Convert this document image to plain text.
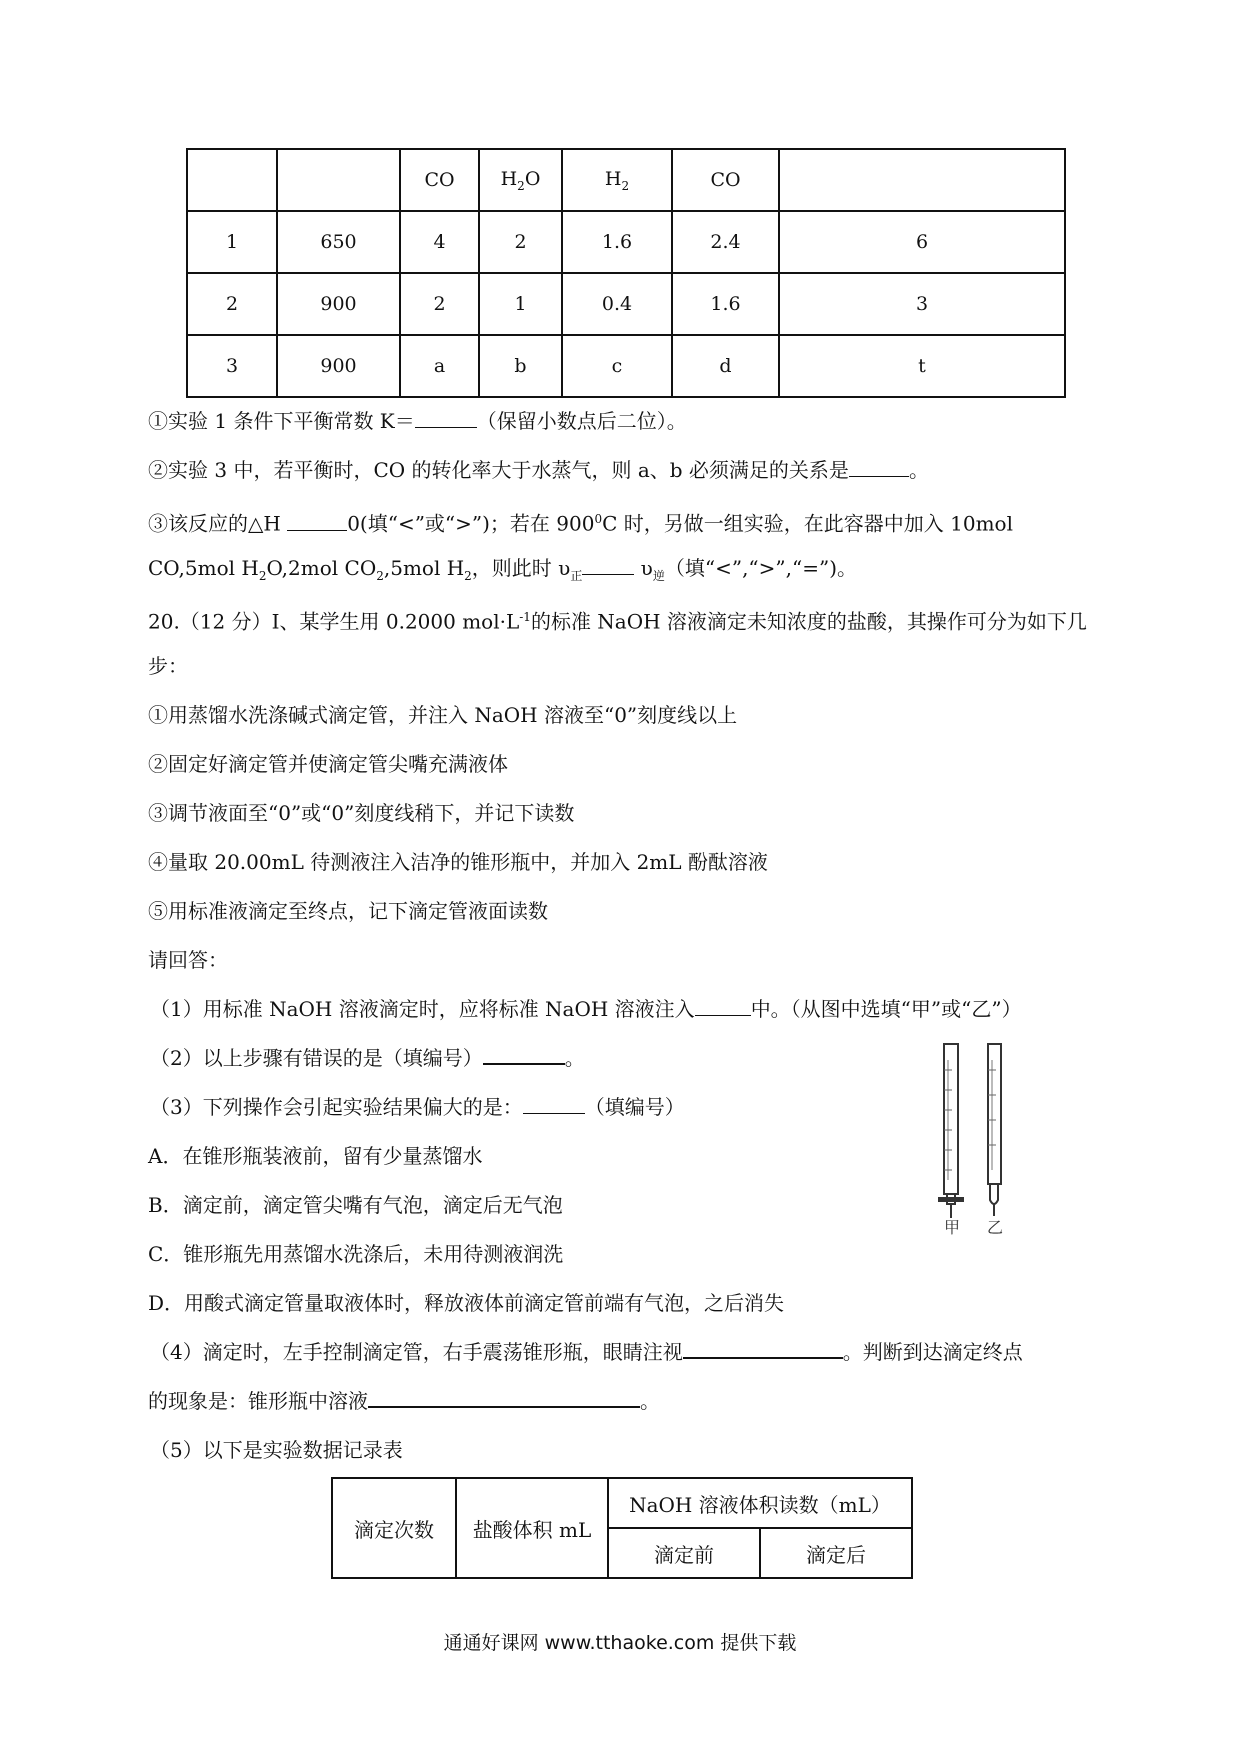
		CO	$H_2O$	$H_2$	CO	
1	650	4	2	1.6	2.4	6
2	900	2	1	0.4	1.6	3
3	900	a	b	c	d	t
①实验 1 条件下平衡常数 K＝	（保留小数点后二位）。
②实验 3 中，若平衡时，CO 的转化率大于水蒸气，则 a、b 必须满足的关系是	。
③该反应的△H	0(填“<”或“>”)；若在 $900^0C$ 时，另做一组实验，在此容器中加入 10mol
CO,5mol $H_2O,2mol$ $CO_2,5mol$ $H_2$，则此时 $\upsilon_正$	$\upsilon_逆$（填“<”,“>”,“=”)。
20.（12 分）I、某学生用 0.2000 $mol\cdot L^{-1}$的标准 NaOH 溶液滴定未知浓度的盐酸，其操作可分为如下几
步：
①用蒸馏水洗涤碱式滴定管，并注入 NaOH 溶液至“0”刻度线以上
②固定好滴定管并使滴定管尖嘴充满液体
③调节液面至“0”或“0”刻度线稍下，并记下读数
④量取 20.00mL 待测液注入洁净的锥形瓶中，并加入 2mL 酚酞溶液
⑤用标准液滴定至终点，记下滴定管液面读数
请回答：
（1）用标准 NaOH 溶液滴定时，应将标准 NaOH 溶液注入	中。（从图中选填“甲”或“乙”）
（2）以上步骤有错误的是（填编号）	。
（3）下列操作会引起实验结果偏大的是：	（填编号）
A．在锥形瓶装液前，留有少量蒸馏水
B．滴定前，滴定管尖嘴有气泡，滴定后无气泡
C．锥形瓶先用蒸馏水洗涤后，未用待测液润洗
D．用酸式滴定管量取液体时，释放液体前滴定管前端有气泡，之后消失
（4）滴定时，左手控制滴定管，右手震荡锥形瓶，眼睛注视	。判断到达滴定终点
的现象是：锥形瓶中溶液	。
（5）以下是实验数据记录表
甲 乙
滴定次数	盐酸体积 mL	NaOH 溶液体积读数（mL）	
		滴定前	滴定后
通通好课网 www.tthaoke.com 提供下载
